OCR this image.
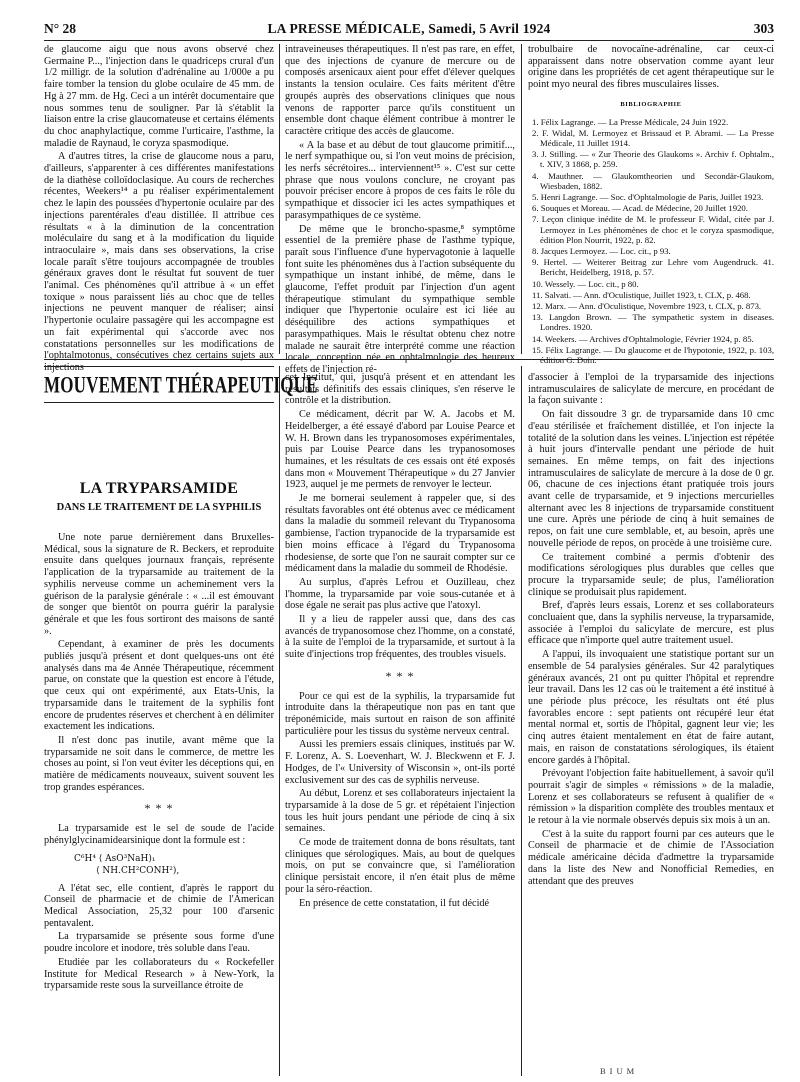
N° 28	LA PRESSE MÉDICALE, Samedi, 5 Avril 1924	303

de glaucome aigu que nous avons observé chez Germaine P..., l'injection dans le quadriceps crural d'un 1/2 milligr. de la solution d'adrénaline au 1/000e a pu faire tomber la tension du globe oculaire de 45 mm. de Hg à 27 mm. de Hg. Ceci a un intérêt documentaire que nous sommes tenu de souligner. Par là s'établit la liaison entre la crise glaucomateuse et certains éléments du choc anaphylactique, comme l'urticaire, l'asthme, la maladie de Raynaud, le coryza spasmodique.

A d'autres titres, la crise de glaucome nous a paru, d'ailleurs, s'apparenter à ces différentes manifestations de la diathèse colloïdoclasique. Au cours de recherches récentes, Weekers¹⁴ a pu réaliser expérimentalement chez le lapin des poussées d'hypertonie oculaire par des injections parentérales d'eau distillée. Il attribue ces résultats « à la diminution de la concentration moléculaire du sang et à la modification du liquide intraoculaire », mais dans ses observations, la crise locale paraît s'être toujours accompagnée de troubles généraux graves dont le résultat fut souvent de tuer l'animal. Ces phénomènes qu'il attribue à « un effet toxique » nous paraissent liés au choc que de telles injections ne peuvent manquer de réaliser; ainsi l'hypertonie oculaire passagère qui les accompagne est un fait expérimental qui s'accorde avec nos constatations personnelles sur les modifications de l'ophtalmotonus, consécutives chez certains sujets aux injections

intraveineuses thérapeutiques. Il n'est pas rare, en effet, que des injections de cyanure de mercure ou de composés arsenicaux aient pour effet d'élever quelques instants la tension oculaire. Ces faits méritent d'être groupés auprès des observations cliniques que nous venons de rapporter parce qu'ils constituent un ensemble dont chaque élément contribue à montrer le caractère critique des accès de glaucome.

« A la base et au début de tout glaucome primitif..., le nerf sympathique ou, si l'on veut moins de précision, les nerfs sécrétoires... interviennent¹⁵ ». C'est sur cette phrase que nous voulons conclure, ne croyant pas pouvoir préciser encore à propos de ces faits le rôle du sympathique et dissocier ici les actes sympathiques et parasympathiques de ce système.

De même que le broncho-spasme,⁸ symptôme essentiel de la première phase de l'asthme typique, paraît sous l'influence d'une hypervagotonie à laquelle font suite les phénomènes dus à l'action subséquente du sympathique un instant inhibé, de même, dans le glaucome, l'effet produit par l'injection d'un agent thérapeutique stimulant du sympathique semble indiquer que l'hypertonie oculaire est ici liée au déséquilibre des actions sympathiques et parasympathiques. Mais le résultat obtenu chez notre malade ne saurait être interprété comme une réaction locale, conception née en ophtalmologie des heureux effets de l'injection ré-

trobulbaire de novocaïne-adrénaline, car ceux-ci apparaissent dans notre observation comme ayant leur origine dans les propriétés de cet agent thérapeutique sur le point myo neural des fibres musculaires lisses.

BIBLIOGRAPHIE
1. Félix Lagrange. — La Presse Médicale, 24 Juin 1922.
2. F. Widal, M. Lermoyez et Brissaud et P. Abrami. — La Presse Médicale, 11 Juillet 1914.
3. J. Stilling. — « Zur Theorie des Glaukoms ». Archiv f. Ophtalm., t. XIV, 3 1868, p. 259.
4. Mauthner. — Glaukomtheorien und Secondär-Glaukom, Wiesbaden, 1882.
5. Henri Lagrange. — Soc. d'Ophtalmologie de Paris, Juillet 1923.
6. Souques et Moreau. — Acad. de Médecine, 20 Juillet 1920.
7. Leçon clinique inédite de M. le professeur F. Widal, citée par J. Lermoyez in Les phénomènes de choc et le coryza spasmodique, édition Plon Nourrit, 1922, p. 82.
8. Jacques Lermoyez. — Loc. cit., p 93.
9. Hertel. — Weiterer Beitrag zur Lehre vom Augendruck. 41. Bericht, Heidelberg, 1918, p. 57.
10. Wessely. — Loc. cit., p 80.
11. Salvati. — Ann. d'Oculistique, Juillet 1923, t. CLX, p. 468.
12. Marx. — Ann. d'Oculistique, Novembre 1923, t. CLX, p. 873.
13. Langdon Brown. — The sympathetic system in diseases. Londres. 1920.
14. Weekers. — Archives d'Ophtalmologie, Février 1924, p. 85.
15. Félix Lagrange. — Du glaucome et de l'hypotonie, 1922, p. 103, édition G. Doin.
MOUVEMENT THÉRAPEUTIQUE
LA TRYPARSAMIDE
DANS LE TRAITEMENT DE LA SYPHILIS

Une note parue dernièrement dans Bruxelles-Médical, sous la signature de R. Beckers, et reproduite ensuite dans quelques journaux français, représente l'application de la tryparsamide au traitement de la syphilis nerveuse comme un acheminement vers la guérison de la paralysie générale : « ...il est émouvant de songer que bientôt on pourra guérir la paralysie générale et que les fous sortiront des maisons de santé ».

Cependant, à examiner de près les documents publiés jusqu'à présent et dont quelques-uns ont été analysés dans ma 4e Année Thérapeutique, récemment parue, on constate que la question est encore à l'étude, que ceux qui ont expérimenté, aux Etats-Unis, la tryparsamide dans le traitement de la syphilis font encore de prudentes réserves et cherchent à en délimiter exactement les indications.

Il n'est donc pas inutile, avant même que la tryparsamide ne soit dans le commerce, de mettre les choses au point, si l'on veut éviter les déceptions qui, en matière de médicaments nouveaux, suivent souvent les trop grandes espérances.

* * *

La tryparsamide est le sel de soude de l'acide phénylglycinamidearsinique dont la formule est :

C⁶H⁴ ⟨ AsO³NaH)₁
⟨ NH.CH²CONH²),

A l'état sec, elle contient, d'après le rapport du Conseil de pharmacie et de chimie de l'American Medical Association, 25,32 pour 100 d'arsenic pentavalent.

La tryparsamide se présente sous forme d'une poudre incolore et inodore, très soluble dans l'eau.

Etudiée par les collaborateurs du « Rockefeller Institute for Medical Research » à New-York, la tryparsamide reste sous la surveillance étroite de

cet Institut, qui, jusqu'à présent et en attendant les résultats définitifs des essais cliniques, s'en réserve le contrôle et la distribution.

Ce médicament, décrit par W. A. Jacobs et M. Heidelberger, a été essayé d'abord par Louise Pearce et W. H. Brown dans les trypanosomoses expérimentales, puis par Louise Pearce dans les trypanosomoses humaines, et les résultats de ces essais ont été exposés dans mon « Mouvement Thérapeutique » du 27 Janvier 1923, auquel je me permets de renvoyer le lecteur.

Je me bornerai seulement à rappeler que, si des résultats favorables ont été obtenus avec ce médicament dans la maladie du sommeil relevant du Trypanosoma gambiense, l'action trypanocide de la tryparsamide est bien moins efficace à l'égard du Trypanosoma rhodesiense, de sorte que l'on ne saurait compter sur ce médicament dans la maladie du sommeil de Rhodésie.

Au surplus, d'après Lefrou et Ouzilleau, chez l'homme, la tryparsamide par voie sous-cutanée et à dose égale ne serait pas plus active que l'atoxyl.

Il y a lieu de rappeler aussi que, dans des cas avancés de trypanosomose chez l'homme, on a constaté, à la suite de l'emploi de la tryparsamide, et surtout à la suite d'injections trop fréquentes, des troubles visuels.

* * *

Pour ce qui est de la syphilis, la tryparsamide fut introduite dans la thérapeutique non pas en tant que tréponémicide, mais surtout en raison de son affinité particulière pour les tissus du système nerveux central.

Aussi les premiers essais cliniques, institués par W. F. Lorenz, A. S. Loevenhart, W. J. Bleckwenn et F. J. Hodges, de l'« University of Wisconsin », ont-ils porté exclusivement sur des cas de syphilis nerveuse.

Au début, Lorenz et ses collaborateurs injectaient la tryparsamide à la dose de 5 gr. et répétaient l'injection tous les huit jours pendant une période de cinq à six semaines.

Ce mode de traitement donna de bons résultats, tant cliniques que sérologiques. Mais, au bout de quelques mois, on put se convaincre que, si l'amélioration clinique persistait encore, il n'en était plus de même pour la séro-réaction.

En présence de cette constatation, il fut décidé

d'associer à l'emploi de la tryparsamide des injections intramusculaires de salicylate de mercure, en procédant de la façon suivante :

On fait dissoudre 3 gr. de tryparsamide dans 10 cmc d'eau stérilisée et fraîchement distillée, et l'on injecte la totalité de la solution dans les veines. L'injection est répétée à huit jours d'intervalle pendant une période de huit semaines. En même temps, on fait des injections intramusculaires de salicylate de mercure à la dose de 0 gr. 06, chacune de ces injections étant pratiquée trois jours avant celle de tryparsamide, et 9 injections mercurielles alternant avec les 8 injections de tryparsamide constituent une cure. Après une période de cinq à huit semaines de repos, on fait une cure semblable, et, au besoin, après une nouvelle période de repos, on procède à une troisième cure.

Ce traitement combiné a permis d'obtenir des modifications sérologiques plus durables que celles que procure la tryparsamide seule; de plus, l'amélioration clinique se produisait plus rapidement.

Bref, d'après leurs essais, Lorenz et ses collaborateurs concluaient que, dans la syphilis nerveuse, la tryparsamide, associée à l'emploi du salicylate de mercure, est plus efficace que n'importe quel autre traitement usuel.

A l'appui, ils invoquaient une statistique portant sur un ensemble de 54 paralysies générales. Sur 42 paralytiques généraux avancés, 21 ont pu quitter l'hôpital et reprendre leur travail. Dans les 12 cas où le traitement a été institué à une période plus précoce, les résultats ont été plus favorables encore : sept patients ont récupéré leur état mental normal et, sortis de l'hôpital, gagnent leur vie; les cinq autres étaient mentalement en état de faire autant, mais, en raison de constatations sérologiques, ils étaient encore gardés à l'hôpital.

Prévoyant l'objection faite habituellement, à savoir qu'il pourrait s'agir de simples « rémissions » de la maladie, Lorenz et ses collaborateurs se refusent à qualifier de « rémission » la disparition complète des troubles mentaux et le retour à la vie normale observés depuis six mois à un an.

C'est à la suite du rapport fourni par ces auteurs que le Conseil de pharmacie et de chimie de l'Association médicale américaine décida d'admettre la tryparsamide dans la liste des New and Nonofficial Remedies, en attendant que des preuves

BIUM
